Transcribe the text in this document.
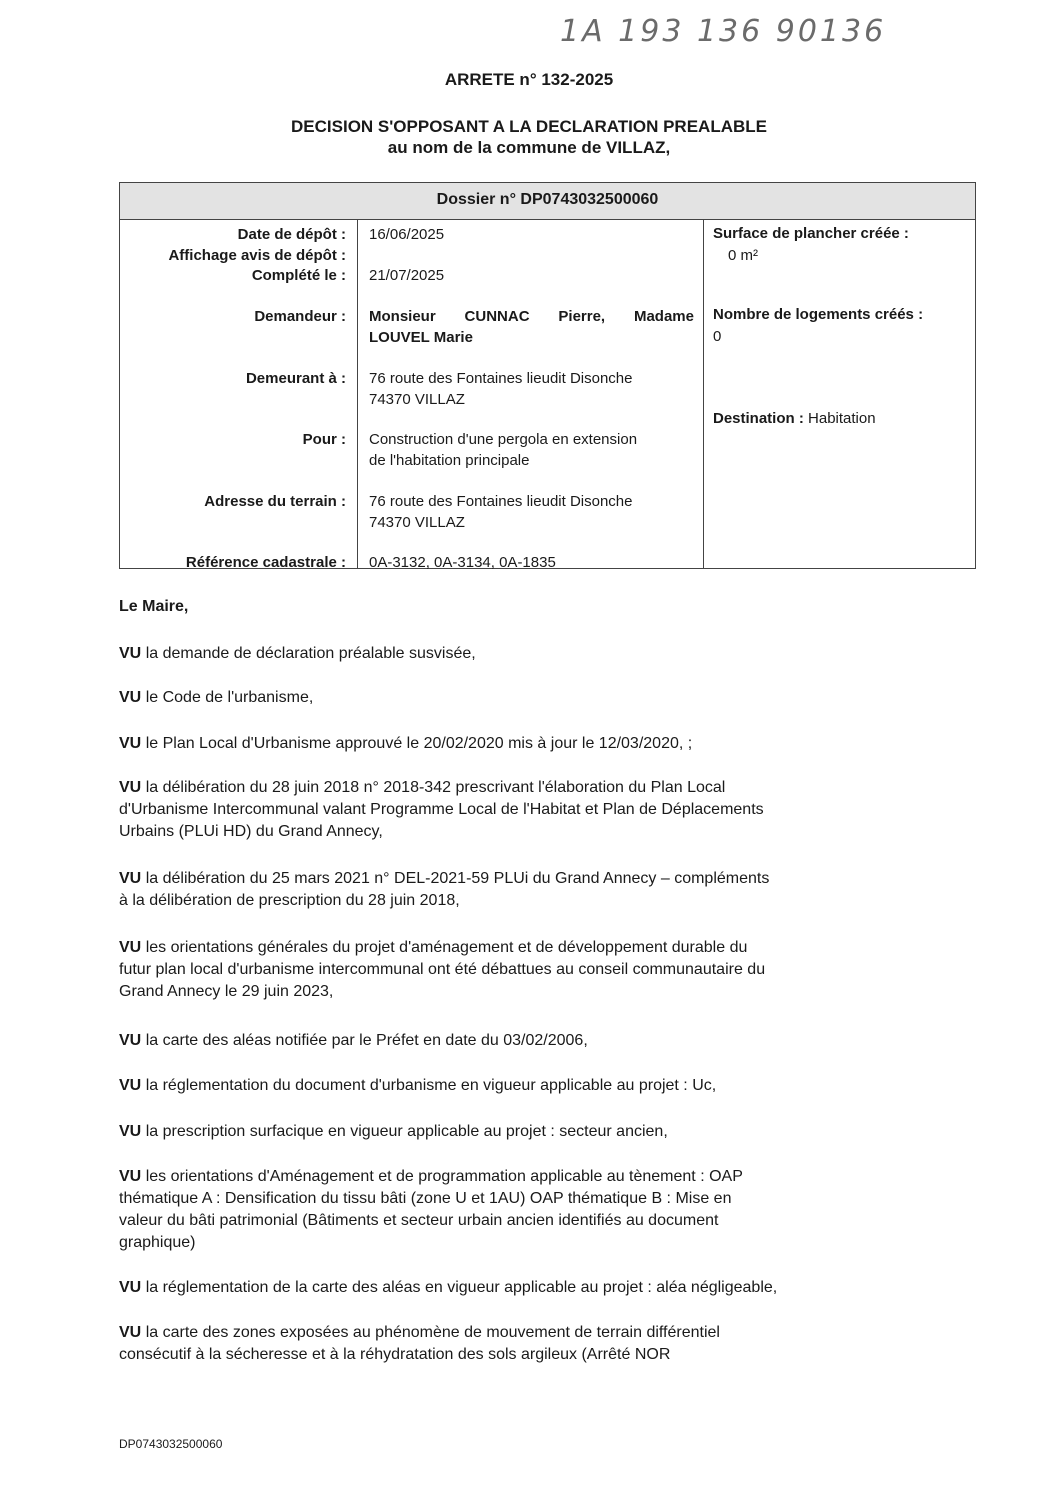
1A 193 136 90136
ARRETE n° 132-2025
DECISION S'OPPOSANT A LA DECLARATION PREALABLE
au nom de la commune de VILLAZ,
Dossier n° DP0743032500060
Date de dépôt :
Affichage avis de dépôt :
Complété le :
Demandeur :
Demeurant à :
Pour :
Adresse du terrain :
Référence cadastrale :
16/06/2025
21/07/2025
Monsieur CUNNAC Pierre, Madame
LOUVEL Marie
76 route des Fontaines lieudit Disonche
74370 VILLAZ
Construction d'une pergola en extension
de l'habitation principale
76 route des Fontaines lieudit Disonche
74370 VILLAZ
0A-3132, 0A-3134, 0A-1835
Surface de plancher créée :
0 m²
Nombre de logements créés :
0
Destination : Habitation
Le Maire,
VU la demande de déclaration préalable susvisée,
VU le Code de l'urbanisme,
VU le Plan Local d'Urbanisme approuvé le 20/02/2020 mis à jour le 12/03/2020, ;
VU la délibération du 28 juin 2018 n° 2018-342 prescrivant l'élaboration du Plan Local
d'Urbanisme Intercommunal valant Programme Local de l'Habitat et Plan de Déplacements
Urbains (PLUi HD) du Grand Annecy,
VU la délibération du 25 mars 2021 n° DEL-2021-59 PLUi du Grand Annecy – compléments
à la délibération de prescription du 28 juin 2018,
VU les orientations générales du projet d'aménagement et de développement durable du
futur plan local d'urbanisme intercommunal ont été débattues au conseil communautaire du
Grand Annecy le 29 juin 2023,
VU la carte des aléas notifiée par le Préfet en date du 03/02/2006,
VU la réglementation du document d'urbanisme en vigueur applicable au projet : Uc,
VU la prescription surfacique en vigueur applicable au projet : secteur ancien,
VU les orientations d'Aménagement et de programmation applicable au tènement : OAP
thématique A : Densification du tissu bâti (zone U et 1AU) OAP thématique B : Mise en
valeur du bâti patrimonial (Bâtiments et secteur urbain ancien identifiés au document
graphique)
VU la réglementation de la carte des aléas en vigueur applicable au projet : aléa négligeable,
VU la carte des zones exposées au phénomène de mouvement de terrain différentiel
consécutif à la sécheresse et à la réhydratation des sols argileux (Arrêté NOR
DP0743032500060
